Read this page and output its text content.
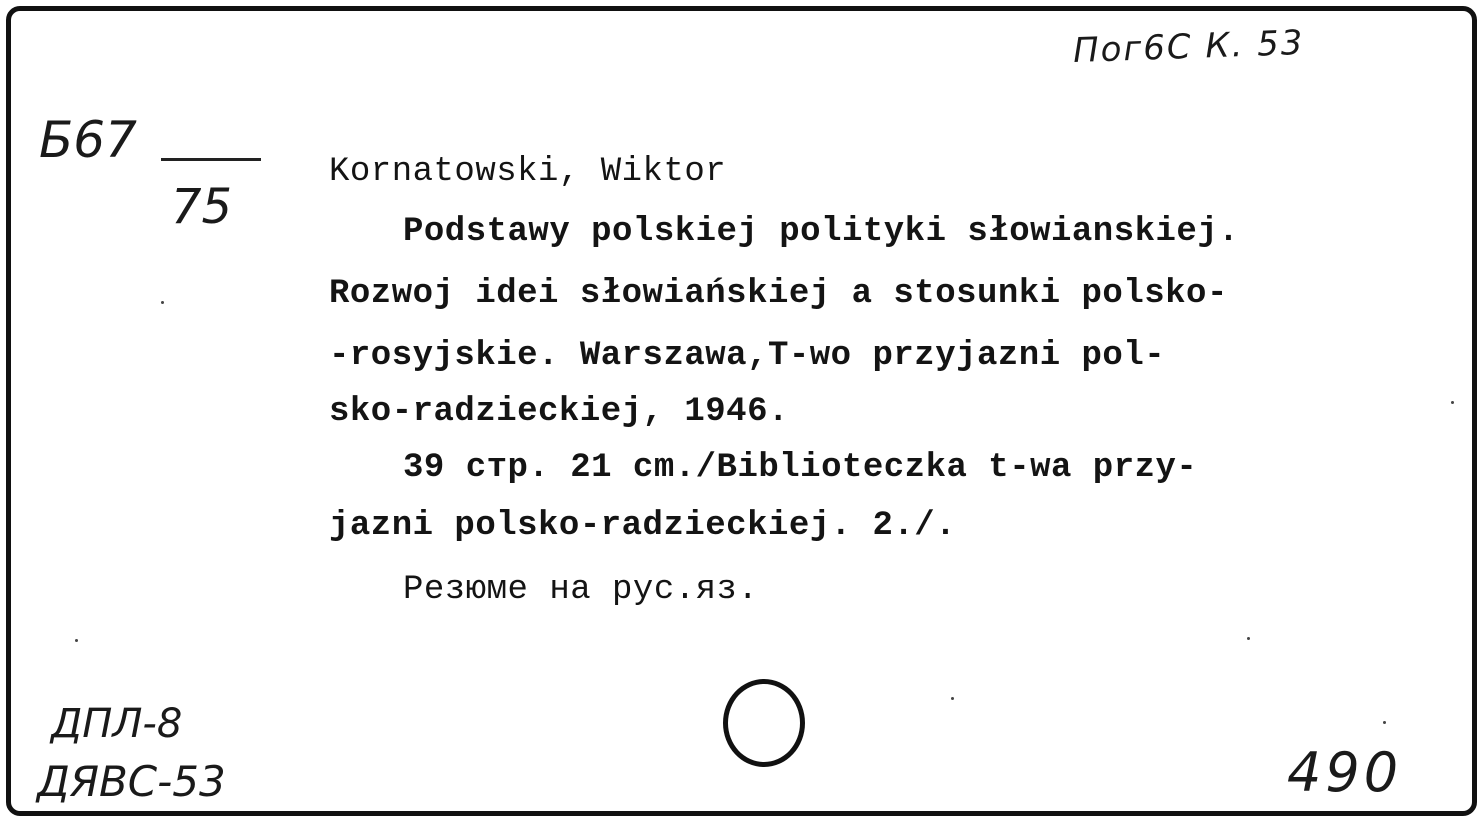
Пог6С К. 53
Б67
75
Kornatowski, Wiktor
Podstawy polskiej polityki słowianskiej.
Rozwoj idei słowiańskiej a stosunki polsko-
-rosyjskie. Warszawa,T-wo przyjazni pol-
sko-radzieckiej, 1946.
39 стр. 21 cm./Biblioteczka t-wa przy-
jazni polsko-radzieckiej. 2./.
Резюме на рус.яз.
ДПЛ-8
ДЯВС-53	490
